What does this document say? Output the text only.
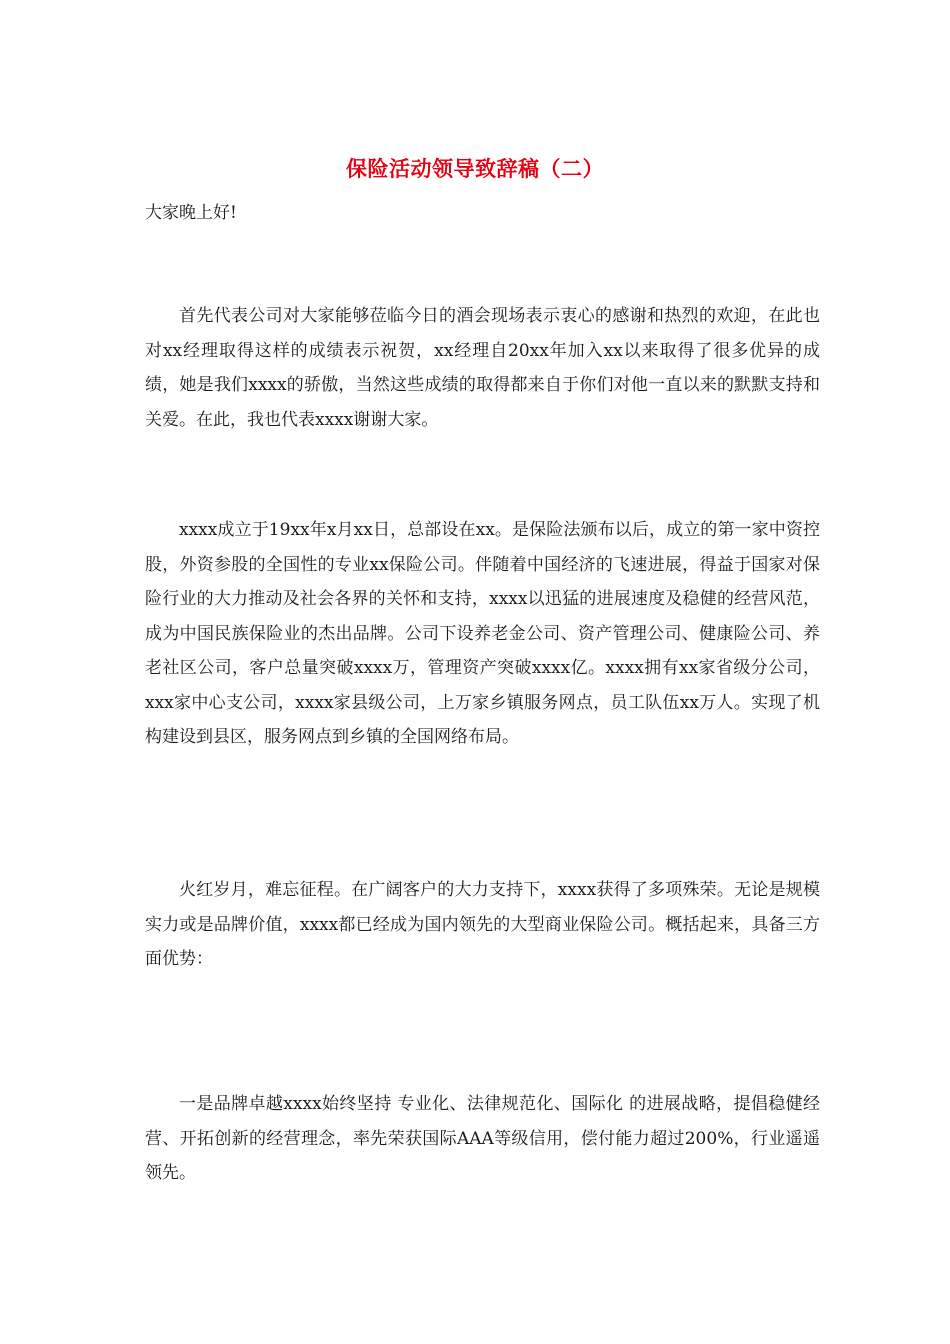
保险活动领导致辞稿（二）
大家晚上好!

首先代表公司对大家能够莅临今日的酒会现场表示衷心的感谢和热烈的欢迎，在此也对xx经理取得这样的成绩表示祝贺，xx经理自20xx年加入xx以来取得了很多优异的成绩，她是我们xxxx的骄傲，当然这些成绩的取得都来自于你们对他一直以来的默默支持和关爱。在此，我也代表xxxx谢谢大家。

xxxx成立于19xx年x月xx日，总部设在xx。是保险法颁布以后，成立的第一家中资控股，外资参股的全国性的专业xx保险公司。伴随着中国经济的飞速进展，得益于国家对保险行业的大力推动及社会各界的关怀和支持，xxxx以迅猛的进展速度及稳健的经营风范，成为中国民族保险业的杰出品牌。公司下设养老金公司、资产管理公司、健康险公司、养老社区公司，客户总量突破xxxx万，管理资产突破xxxx亿。xxxx拥有xx家省级分公司，xxx家中心支公司，xxxx家县级公司，上万家乡镇服务网点，员工队伍xx万人。实现了机构建设到县区，服务网点到乡镇的全国网络布局。

火红岁月，难忘征程。在广阔客户的大力支持下，xxxx获得了多项殊荣。无论是规模实力或是品牌价值，xxxx都已经成为国内领先的大型商业保险公司。概括起来，具备三方面优势：

一是品牌卓越xxxx始终坚持 专业化、法律规范化、国际化 的进展战略，提倡稳健经营、开拓创新的经营理念，率先荣获国际AAA等级信用，偿付能力超过200%，行业遥遥领先。
